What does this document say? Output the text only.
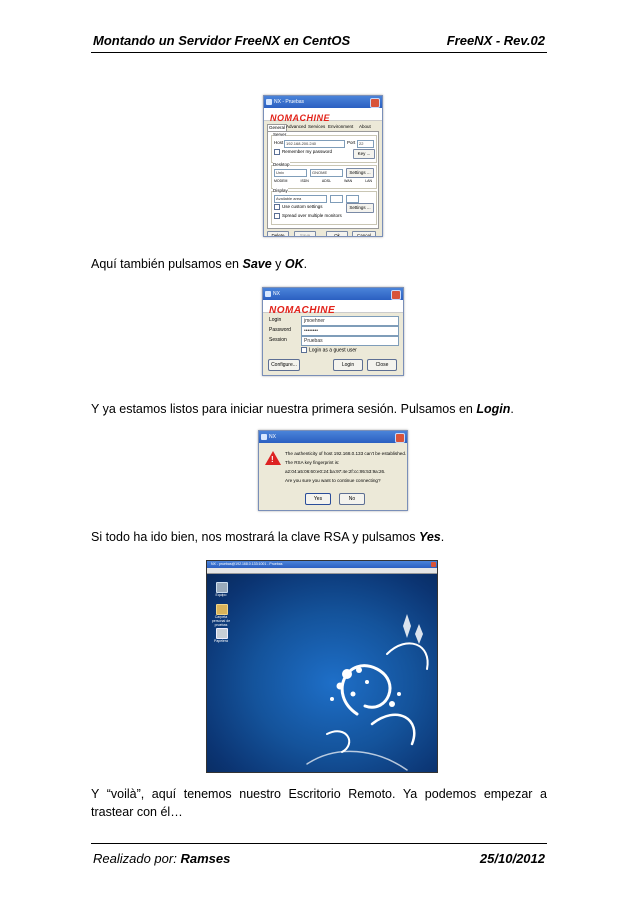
Montando un Servidor FreeNX en CentOS	FreeNX - Rev.02
NX - Pruebas
NOMACHINE
General Advanced Services Environment About
Server
Host 192.168.200.240	Port 22
Remember my password	Key ...
Desktop
Unix	GNOME	Settings ...
MODEM	ISDN	ADSL	WAN	LAN
Display
Available area
Use custom settings	Settings ...
Spread over multiple monitors
Delete	Save	Ok	Cancel
Aquí también pulsamos en Save y OK.
NX
NOMACHINE
Login	jmoehner
Password	••••••••
Session	Pruebas
Login as a guest user
Configure...	Login	Close
Y ya estamos listos para iniciar nuestra primera sesión. Pulsamos en Login.
NX
!
The authenticity of host 192.168.0.133 can't be established.
The RSA key fingerprint is:
a2:04:a5:06:60:e0:24:ba:97:4e:2f:cc:95:53:9a:26.
Are you sure you want to continue connecting?
Yes	No
Si todo ha ido bien, nos mostrará la clave RSA y pulsamos Yes.
NX - pruebas@192.168.0.133:1001 - Pruebas
Equipo
Carpeta personal de pruebas
Papelera
Y “voilà”, aquí tenemos nuestro Escritorio Remoto. Ya podemos empezar a
trastear con él…
Realizado por: Ramses	25/10/2012
